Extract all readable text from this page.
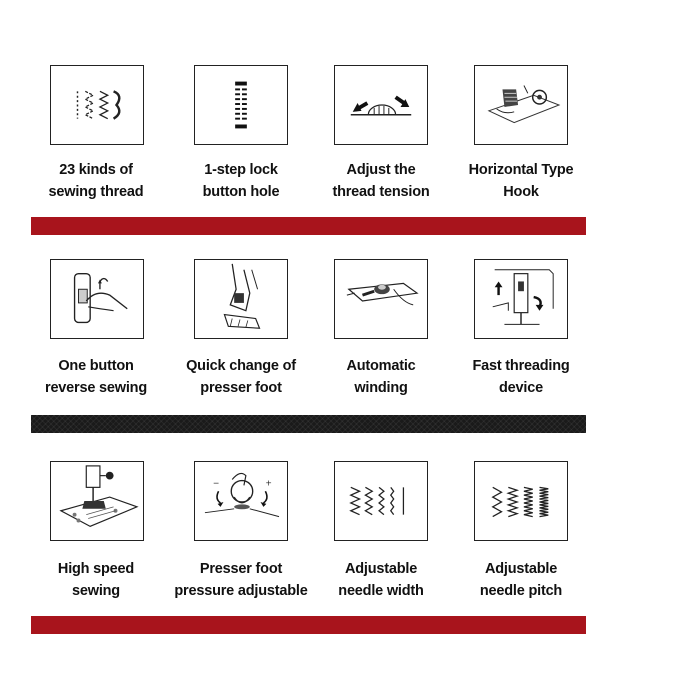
23 kinds of
sewing thread
1-step lock
button hole
Adjust the
thread tension
Horizontal Type
Hook
One button
reverse sewing
Quick change of
presser foot
Automatic
winding
Fast threading
device
High speed
sewing
−	+
Presser foot
pressure adjustable
Adjustable
needle width
Adjustable
needle pitch
